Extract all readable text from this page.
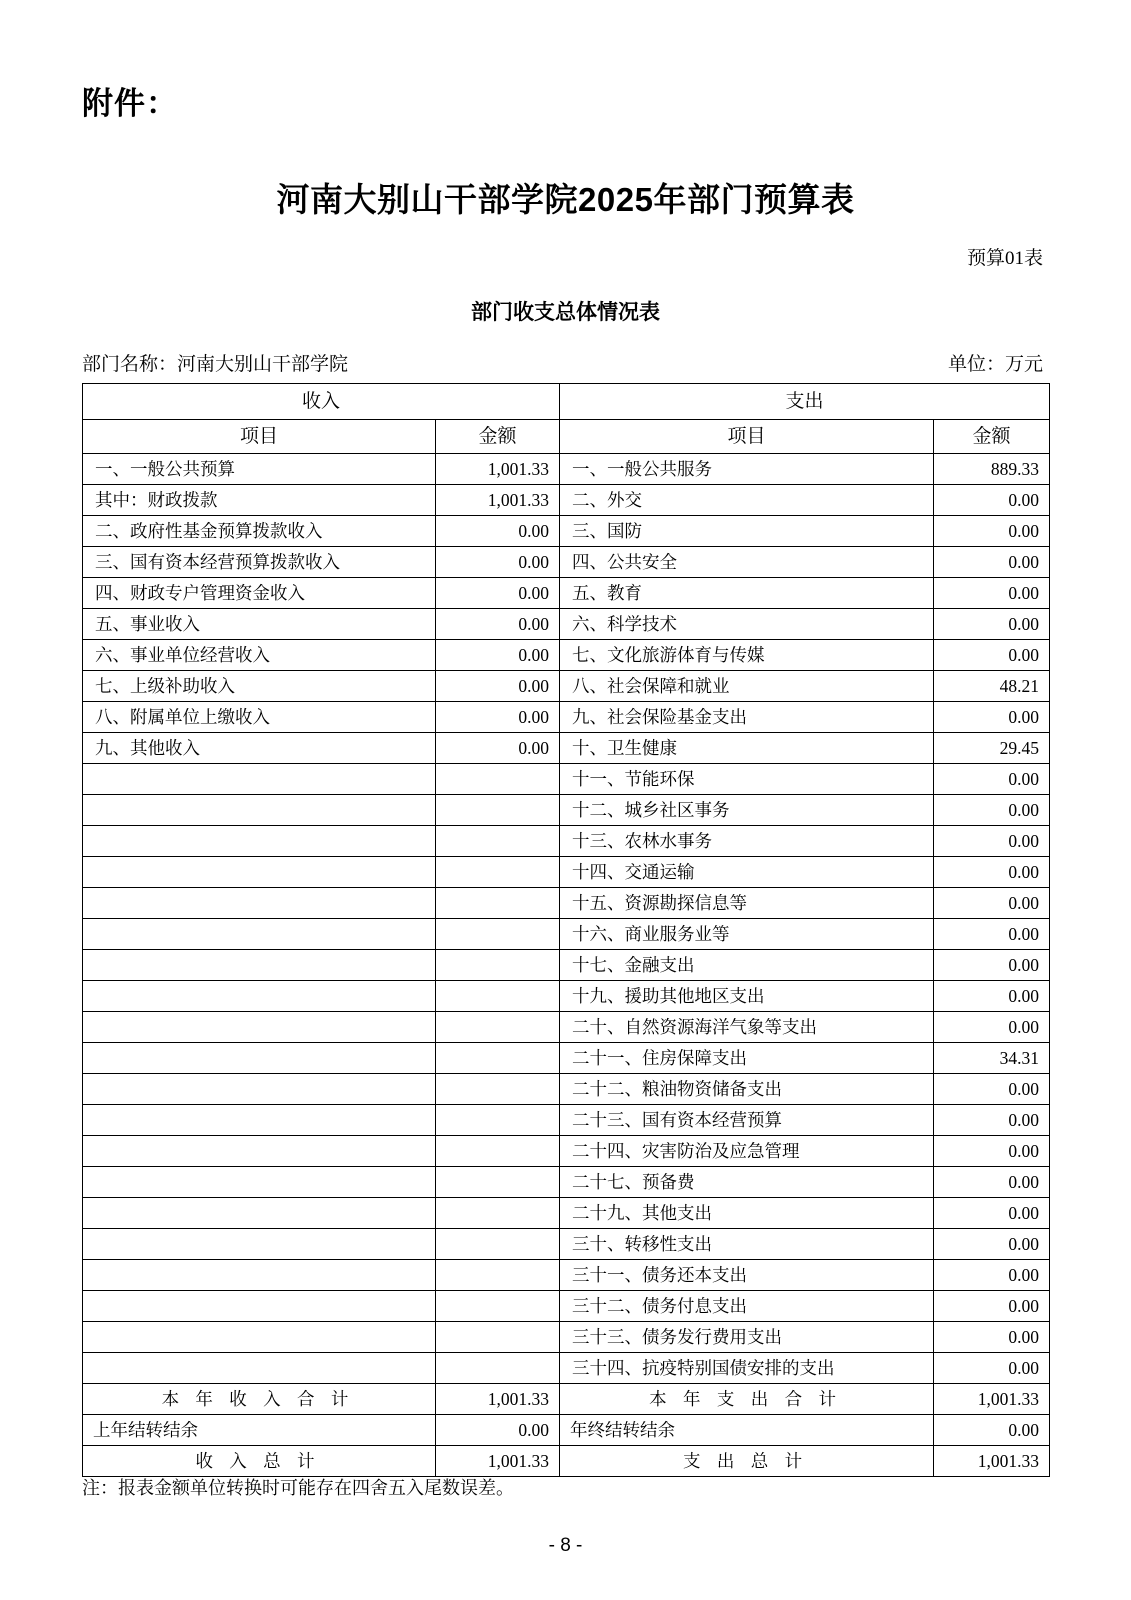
附件：
河南大别山干部学院2025年部门预算表
预算01表
部门收支总体情况表
部门名称：河南大别山干部学院	单位：万元
收入		支出	
项目	金额	项目	金额
一、一般公共预算	1,001.33	一、一般公共服务	889.33
其中：财政拨款	1,001.33	二、外交	0.00
二、政府性基金预算拨款收入	0.00	三、国防	0.00
三、国有资本经营预算拨款收入	0.00	四、公共安全	0.00
四、财政专户管理资金收入	0.00	五、教育	0.00
五、事业收入	0.00	六、科学技术	0.00
六、事业单位经营收入	0.00	七、文化旅游体育与传媒	0.00
七、上级补助收入	0.00	八、社会保障和就业	48.21
八、附属单位上缴收入	0.00	九、社会保险基金支出	0.00
九、其他收入	0.00	十、卫生健康	29.45
		十一、节能环保	0.00
		十二、城乡社区事务	0.00
		十三、农林水事务	0.00
		十四、交通运输	0.00
		十五、资源勘探信息等	0.00
		十六、商业服务业等	0.00
		十七、金融支出	0.00
		十九、援助其他地区支出	0.00
		二十、自然资源海洋气象等支出	0.00
		二十一、住房保障支出	34.31
		二十二、粮油物资储备支出	0.00
		二十三、国有资本经营预算	0.00
		二十四、灾害防治及应急管理	0.00
		二十七、预备费	0.00
		二十九、其他支出	0.00
		三十、转移性支出	0.00
		三十一、债务还本支出	0.00
		三十二、债务付息支出	0.00
		三十三、债务发行费用支出	0.00
		三十四、抗疫特别国债安排的支出	0.00
本 年 收 入 合 计	1,001.33	本 年 支 出 合 计	1,001.33
上年结转结余	0.00	年终结转结余	0.00
收 入 总 计	1,001.33	支 出 总 计	1,001.33
注：报表金额单位转换时可能存在四舍五入尾数误差。
- 8 -
